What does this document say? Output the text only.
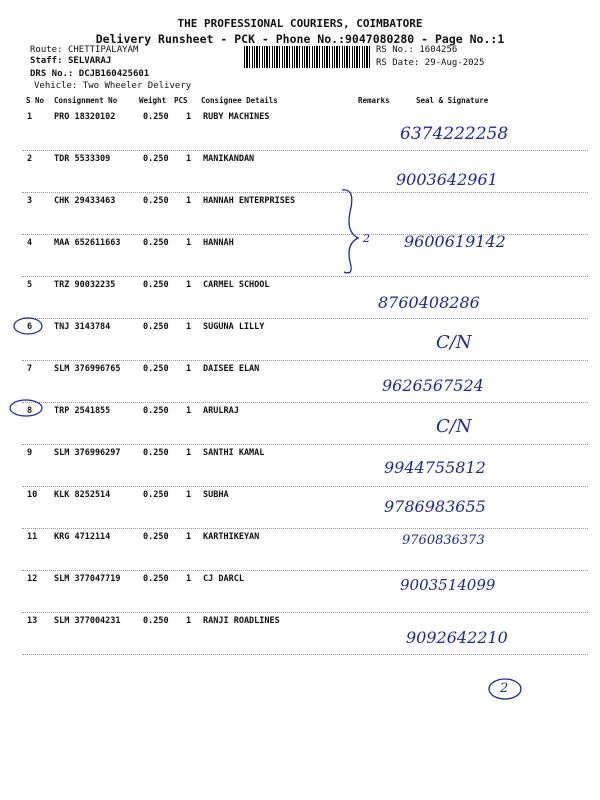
THE PROFESSIONAL COURIERS, COIMBATORE
Delivery Runsheet - PCK - Phone No.:9047080280 - Page No.:1
Route: CHETTIPALAYAM
Staff: SELVARAJ
DRS No.: DCJB160425601
Vehicle: Two Wheeler Delivery
RS No.: 1604256
RS Date: 29-Aug-2025
S No Consignment No	Weight PCS Consignee Details	Remarks	Seal & Signature
1	PRO 18320102	0.250 1 RUBY MACHINES
6374222258
2	TDR 5533309	0.250 1 MANIKANDAN
9003642961
3	CHK 29433463	0.250 1 HANNAH ENTERPRISES
4	MAA 652611663	0.250 1 HANNAH	9600619142
5	TRZ 90032235	0.250 1 CARMEL SCHOOL
8760408286
6	TNJ 3143784	0.250 1 SUGUNA LILLY
C/N
7	SLM 376996765	0.250 1 DAISEE ELAN
9626567524
8	TRP 2541855	0.250 1 ARULRAJ
C/N
9	SLM 376996297	0.250 1 SANTHI KAMAL
9944755812
10 KLK 8252514	0.250 1 SUBHA
9786983655
11 KRG 4712114	0.250 1 KARTHIKEYAN	9760836373
12 SLM 377047719	0.250 1 CJ DARCL	9003514099
13 SLM 377004231	0.250 1 RANJI ROADLINES
9092642210
2
2
